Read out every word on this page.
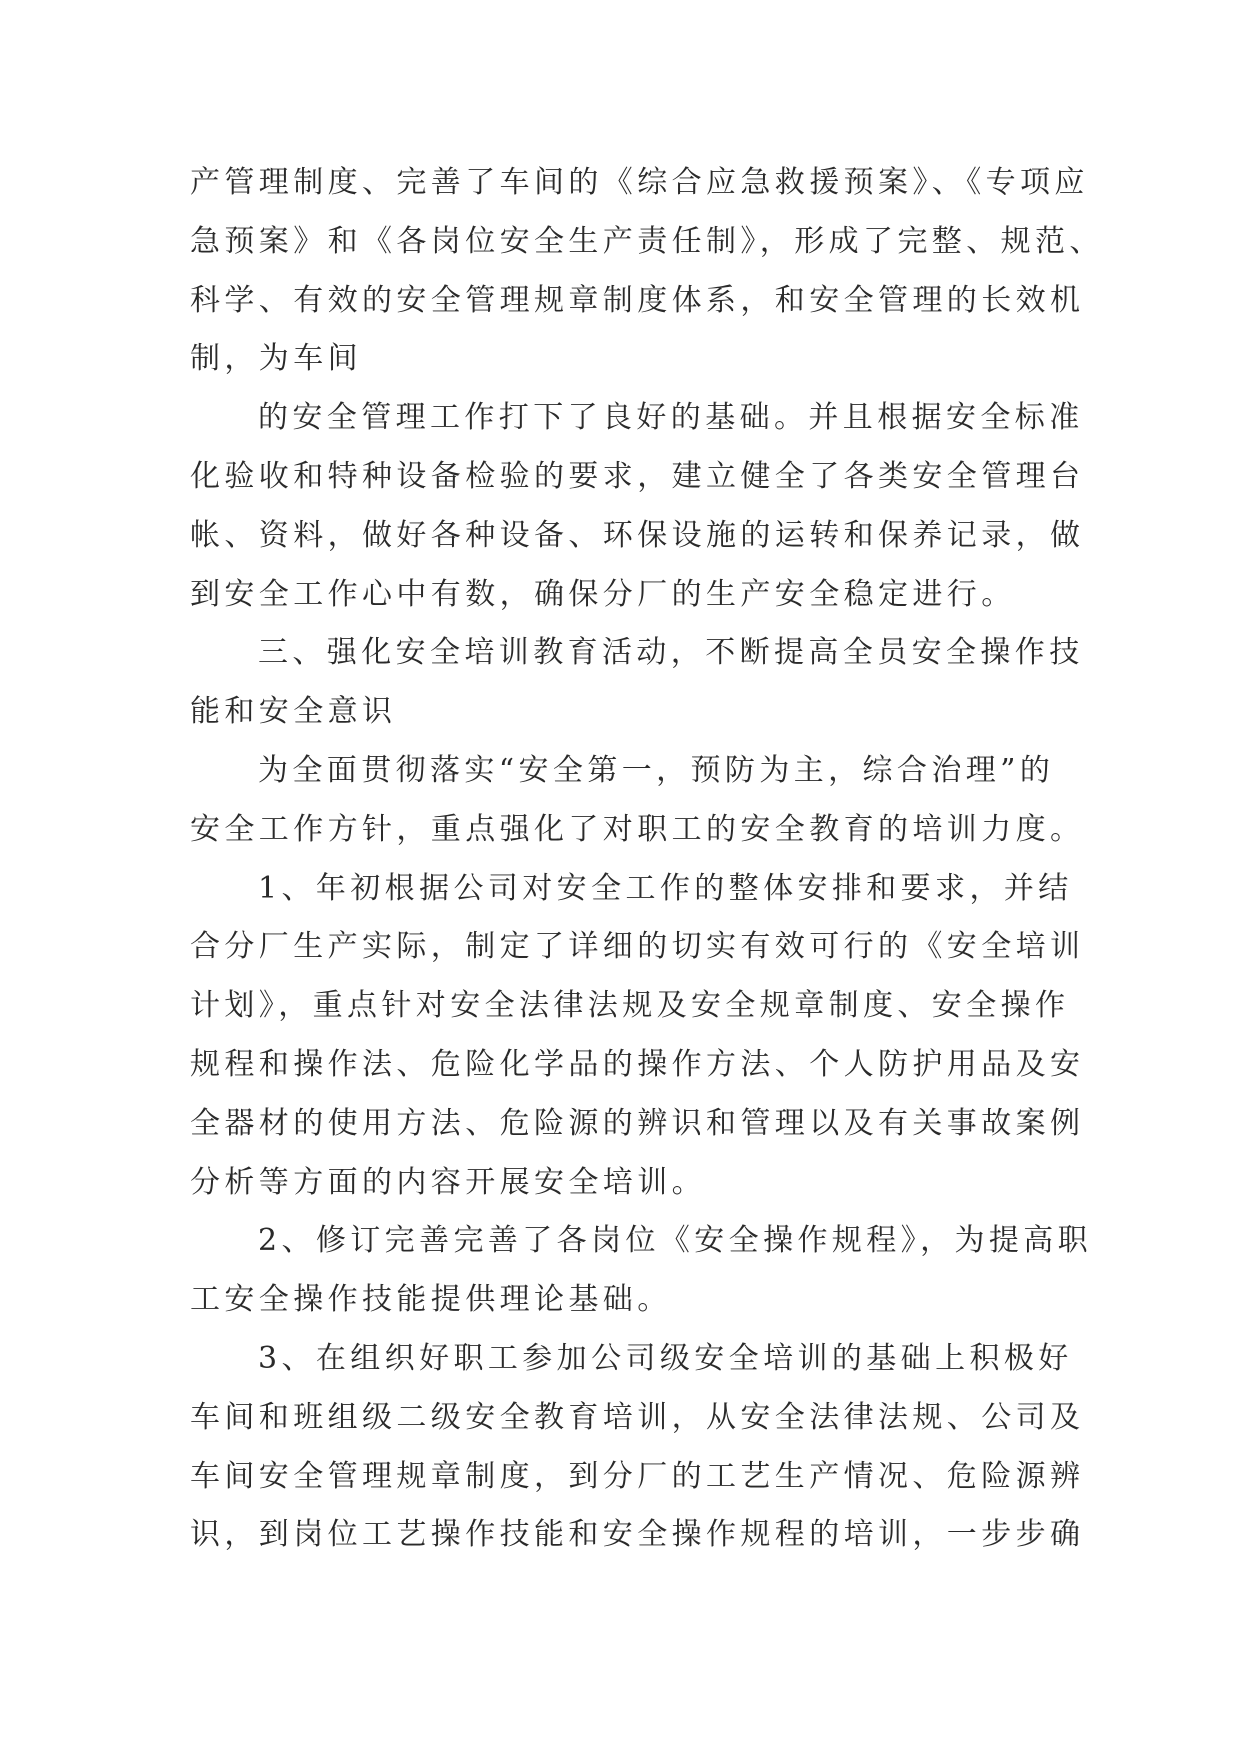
产管理制度、完善了车间的《综合应急救援预案》、《专项应
急预案》和《各岗位安全生产责任制》，形成了完整、规范、
科学、有效的安全管理规章制度体系，和安全管理的长效机
制，为车间

的安全管理工作打下了良好的基础。并且根据安全标准
化验收和特种设备检验的要求，建立健全了各类安全管理台
帐、资料，做好各种设备、环保设施的运转和保养记录，做
到安全工作心中有数，确保分厂的生产安全稳定进行。

三、强化安全培训教育活动，不断提高全员安全操作技
能和安全意识

为全面贯彻落实“安全第一，预防为主，综合治理”的
安全工作方针，重点强化了对职工的安全教育的培训力度。

1、年初根据公司对安全工作的整体安排和要求，并结
合分厂生产实际，制定了详细的切实有效可行的《安全培训
计划》，重点针对安全法律法规及安全规章制度、安全操作
规程和操作法、危险化学品的操作方法、个人防护用品及安
全器材的使用方法、危险源的辨识和管理以及有关事故案例
分析等方面的内容开展安全培训。

2、修订完善完善了各岗位《安全操作规程》，为提高职
工安全操作技能提供理论基础。

3、在组织好职工参加公司级安全培训的基础上积极好
车间和班组级二级安全教育培训，从安全法律法规、公司及
车间安全管理规章制度，到分厂的工艺生产情况、危险源辨
识，到岗位工艺操作技能和安全操作规程的培训，一步步确
